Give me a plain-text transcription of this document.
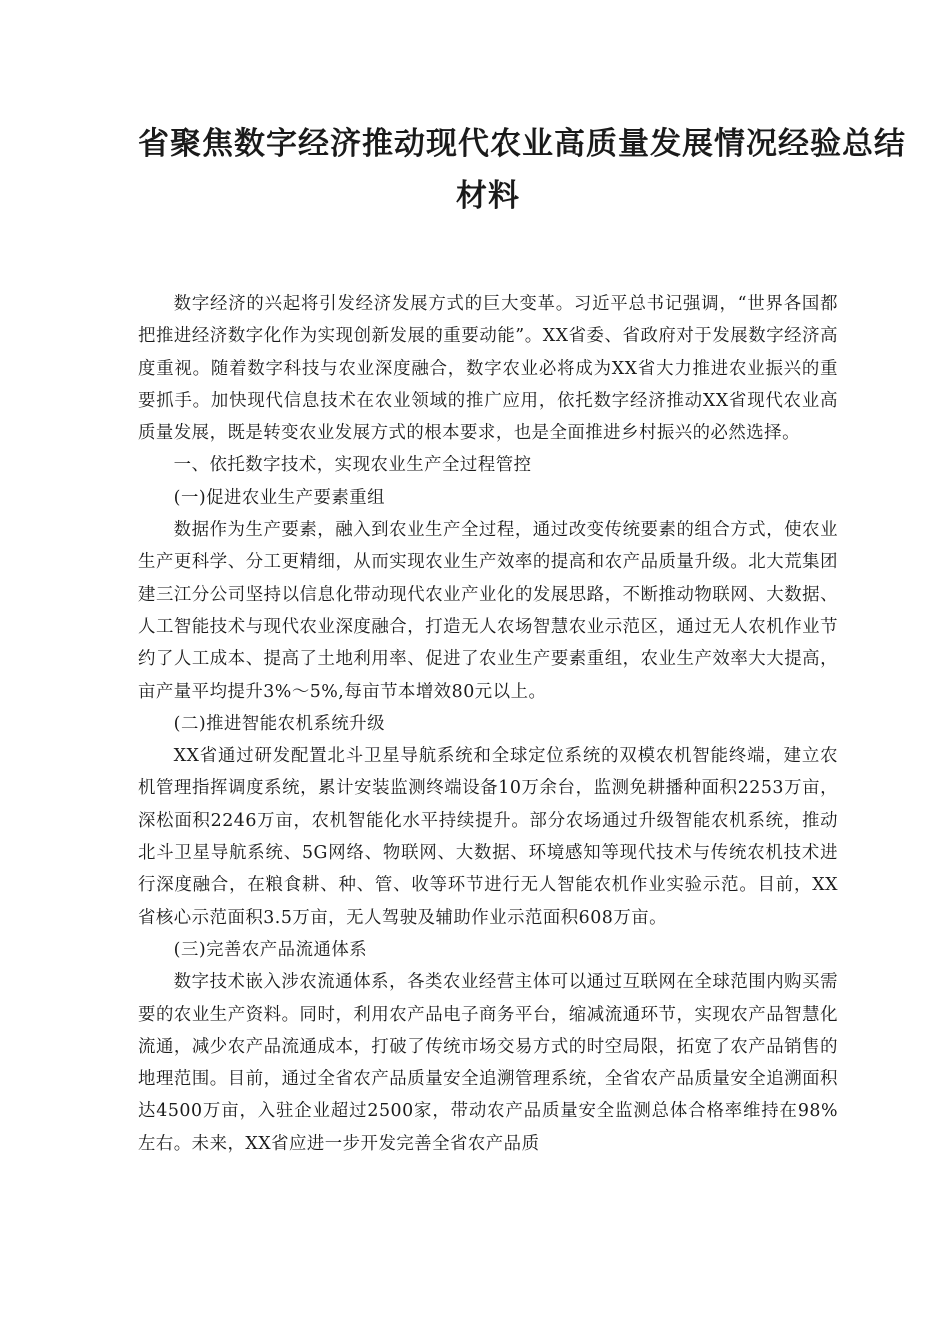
省聚焦数字经济推动现代农业高质量发展情况经验总结
材料

数字经济的兴起将引发经济发展方式的巨大变革。习近平总书记强调，“世界各国都把推进经济数字化作为实现创新发展的重要动能”。XX省委、省政府对于发展数字经济高度重视。随着数字科技与农业深度融合，数字农业必将成为XX省大力推进农业振兴的重要抓手。加快现代信息技术在农业领域的推广应用，依托数字经济推动XX省现代农业高质量发展，既是转变农业发展方式的根本要求，也是全面推进乡村振兴的必然选择。

一、依托数字技术，实现农业生产全过程管控

(一)促进农业生产要素重组

数据作为生产要素，融入到农业生产全过程，通过改变传统要素的组合方式，使农业生产更科学、分工更精细，从而实现农业生产效率的提高和农产品质量升级。北大荒集团建三江分公司坚持以信息化带动现代农业产业化的发展思路，不断推动物联网、大数据、人工智能技术与现代农业深度融合，打造无人农场智慧农业示范区，通过无人农机作业节约了人工成本、提高了土地利用率、促进了农业生产要素重组，农业生产效率大大提高，亩产量平均提升3%～5%,每亩节本增效80元以上。

(二)推进智能农机系统升级

XX省通过研发配置北斗卫星导航系统和全球定位系统的双模农机智能终端，建立农机管理指挥调度系统，累计安装监测终端设备10万余台，监测免耕播种面积2253万亩，深松面积2246万亩，农机智能化水平持续提升。部分农场通过升级智能农机系统，推动北斗卫星导航系统、5G网络、物联网、大数据、环境感知等现代技术与传统农机技术进行深度融合，在粮食耕、种、管、收等环节进行无人智能农机作业实验示范。目前，XX省核心示范面积3.5万亩，无人驾驶及辅助作业示范面积608万亩。

(三)完善农产品流通体系

数字技术嵌入涉农流通体系，各类农业经营主体可以通过互联网在全球范围内购买需要的农业生产资料。同时，利用农产品电子商务平台，缩减流通环节，实现农产品智慧化流通，减少农产品流通成本，打破了传统市场交易方式的时空局限，拓宽了农产品销售的地理范围。目前，通过全省农产品质量安全追溯管理系统，全省农产品质量安全追溯面积达4500万亩，入驻企业超过2500家，带动农产品质量安全监测总体合格率维持在98%左右。未来，XX省应进一步开发完善全省农产品质
